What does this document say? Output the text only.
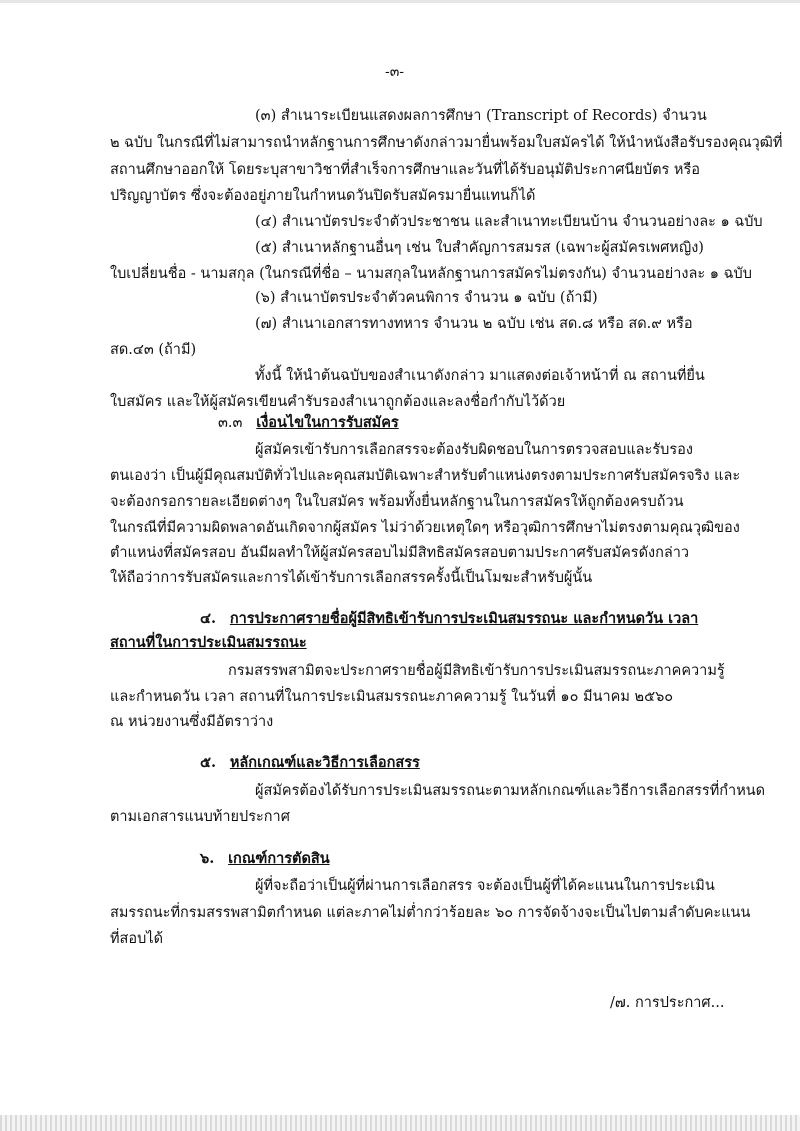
-๓-
(๓) สำเนาระเบียนแสดงผลการศึกษา (Transcript of Records) จำนวน
๒ ฉบับ ในกรณีที่ไม่สามารถนำหลักฐานการศึกษาดังกล่าวมายื่นพร้อมใบสมัครได้ ให้นำหนังสือรับรองคุณวุฒิที่
สถานศึกษาออกให้ โดยระบุสาขาวิชาที่สำเร็จการศึกษาและวันที่ได้รับอนุมัติประกาศนียบัตร หรือ
ปริญญาบัตร ซึ่งจะต้องอยู่ภายในกำหนดวันปิดรับสมัครมายื่นแทนก็ได้
(๔) สำเนาบัตรประจำตัวประชาชน และสำเนาทะเบียนบ้าน จำนวนอย่างละ ๑ ฉบับ
(๕) สำเนาหลักฐานอื่นๆ เช่น ใบสำคัญการสมรส (เฉพาะผู้สมัครเพศหญิง)
ใบเปลี่ยนชื่อ - นามสกุล (ในกรณีที่ชื่อ – นามสกุลในหลักฐานการสมัครไม่ตรงกัน) จำนวนอย่างละ ๑ ฉบับ
(๖) สำเนาบัตรประจำตัวคนพิการ จำนวน ๑ ฉบับ (ถ้ามี)
(๗) สำเนาเอกสารทางทหาร จำนวน ๒ ฉบับ เช่น สด.๘ หรือ สด.๙ หรือ
สด.๔๓ (ถ้ามี)
ทั้งนี้ ให้นำต้นฉบับของสำเนาดังกล่าว มาแสดงต่อเจ้าหน้าที่ ณ สถานที่ยื่น
ใบสมัคร และให้ผู้สมัครเขียนคำรับรองสำเนาถูกต้องและลงชื่อกำกับไว้ด้วย
๓.๓ เงื่อนไขในการรับสมัคร
ผู้สมัครเข้ารับการเลือกสรรจะต้องรับผิดชอบในการตรวจสอบและรับรอง
ตนเองว่า เป็นผู้มีคุณสมบัติทั่วไปและคุณสมบัติเฉพาะสำหรับตำแหน่งตรงตามประกาศรับสมัครจริง และ
จะต้องกรอกรายละเอียดต่างๆ ในใบสมัคร พร้อมทั้งยื่นหลักฐานในการสมัครให้ถูกต้องครบถ้วน
ในกรณีที่มีความผิดพลาดอันเกิดจากผู้สมัคร ไม่ว่าด้วยเหตุใดๆ หรือวุฒิการศึกษาไม่ตรงตามคุณวุฒิของ
ตำแหน่งที่สมัครสอบ อันมีผลทำให้ผู้สมัครสอบไม่มีสิทธิสมัครสอบตามประกาศรับสมัครดังกล่าว
ให้ถือว่าการรับสมัครและการได้เข้ารับการเลือกสรรครั้งนี้เป็นโมฆะสำหรับผู้นั้น
๔. การประกาศรายชื่อผู้มีสิทธิเข้ารับการประเมินสมรรถนะ และกำหนดวัน เวลา
สถานที่ในการประเมินสมรรถนะ
กรมสรรพสามิตจะประกาศรายชื่อผู้มีสิทธิเข้ารับการประเมินสมรรถนะภาคความรู้
และกำหนดวัน เวลา สถานที่ในการประเมินสมรรถนะภาคความรู้ ในวันที่ ๑๐ มีนาคม ๒๕๖๐
ณ หน่วยงานซึ่งมีอัตราว่าง
๕. หลักเกณฑ์และวิธีการเลือกสรร
ผู้สมัครต้องได้รับการประเมินสมรรถนะตามหลักเกณฑ์และวิธีการเลือกสรรที่กำหนด
ตามเอกสารแนบท้ายประกาศ
๖. เกณฑ์การตัดสิน
ผู้ที่จะถือว่าเป็นผู้ที่ผ่านการเลือกสรร จะต้องเป็นผู้ที่ได้คะแนนในการประเมิน
สมรรถนะที่กรมสรรพสามิตกำหนด แต่ละภาคไม่ต่ำกว่าร้อยละ ๖๐ การจัดจ้างจะเป็นไปตามลำดับคะแนน
ที่สอบได้
/๗. การประกาศ...
